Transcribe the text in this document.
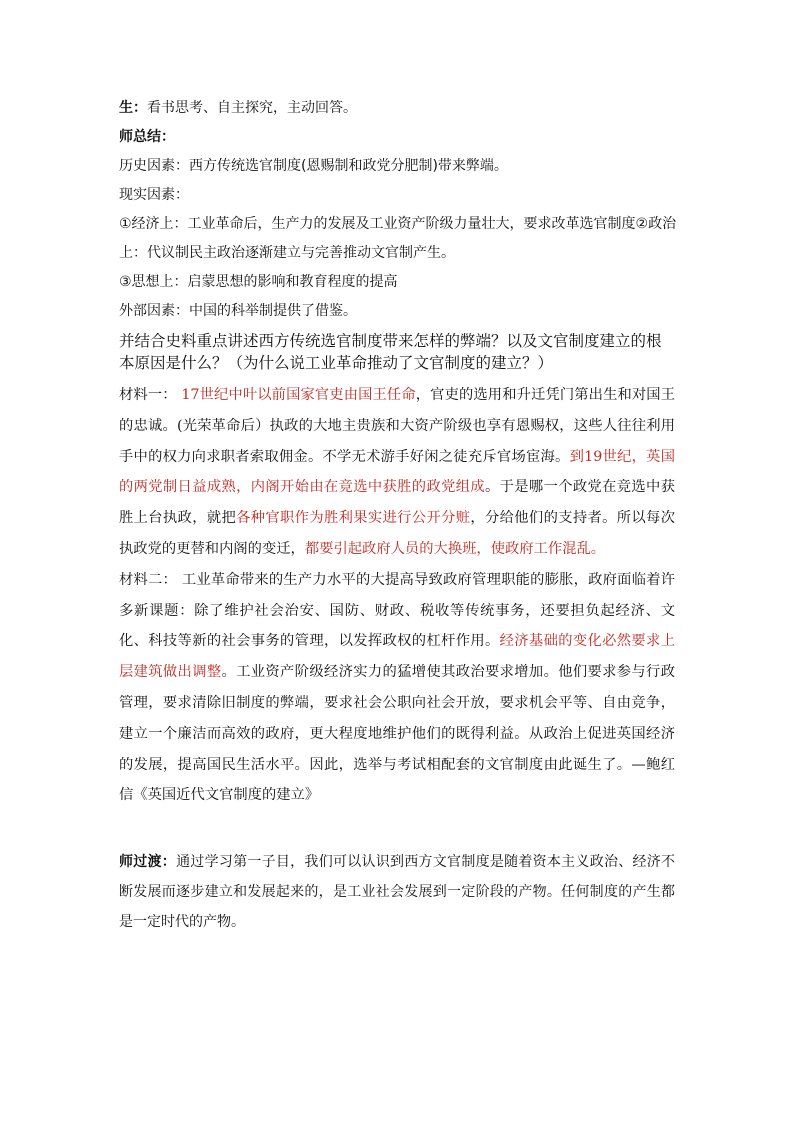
生：看书思考、自主探究，主动回答。

师总结：

历史因素：西方传统选官制度(恩赐制和政党分肥制)带来弊端。

现实因素：

①经济上：工业革命后，生产力的发展及工业资产阶级力量壮大，要求改革选官制度②政治

上：代议制民主政治逐渐建立与完善推动文官制产生。

③思想上：启蒙思想的影响和教育程度的提高

外部因素：中国的科举制提供了借鉴。

并结合史料重点讲述西方传统选官制度带来怎样的弊端？以及文官制度建立的根本原因是什么？（为什么说工业革命推动了文官制度的建立？）

材料一： 17世纪中叶以前国家官吏由国王任命，官吏的选用和升迁凭门第出生和对国王的忠诚。(光荣革命后）执政的大地主贵族和大资产阶级也享有恩赐权，这些人往往利用手中的权力向求职者索取佣金。不学无术游手好闲之徒充斥官场宦海。到19世纪，英国的两党制日益成熟，内阁开始由在竞选中获胜的政党组成。于是哪一个政党在竞选中获胜上台执政，就把各种官职作为胜利果实进行公开分赃，分给他们的支持者。所以每次执政党的更替和内阁的变迁，都要引起政府人员的大换班，使政府工作混乱。

材料二： 工业革命带来的生产力水平的大提高导致政府管理职能的膨胀，政府面临着许多新课题：除了维护社会治安、国防、财政、税收等传统事务，还要担负起经济、文化、科技等新的社会事务的管理，以发挥政权的杠杆作用。经济基础的变化必然要求上层建筑做出调整。工业资产阶级经济实力的猛增使其政治要求增加。他们要求参与行政管理，要求清除旧制度的弊端，要求社会公职向社会开放，要求机会平等、自由竞争，建立一个廉洁而高效的政府，更大程度地维护他们的既得利益。从政治上促进英国经济的发展，提高国民生活水平。因此，选举与考试相配套的文官制度由此诞生了。—鲍红信《英国近代文官制度的建立》

师过渡：通过学习第一子目，我们可以认识到西方文官制度是随着资本主义政治、经济不断发展而逐步建立和发展起来的，是工业社会发展到一定阶段的产物。任何制度的产生都是一定时代的产物。
